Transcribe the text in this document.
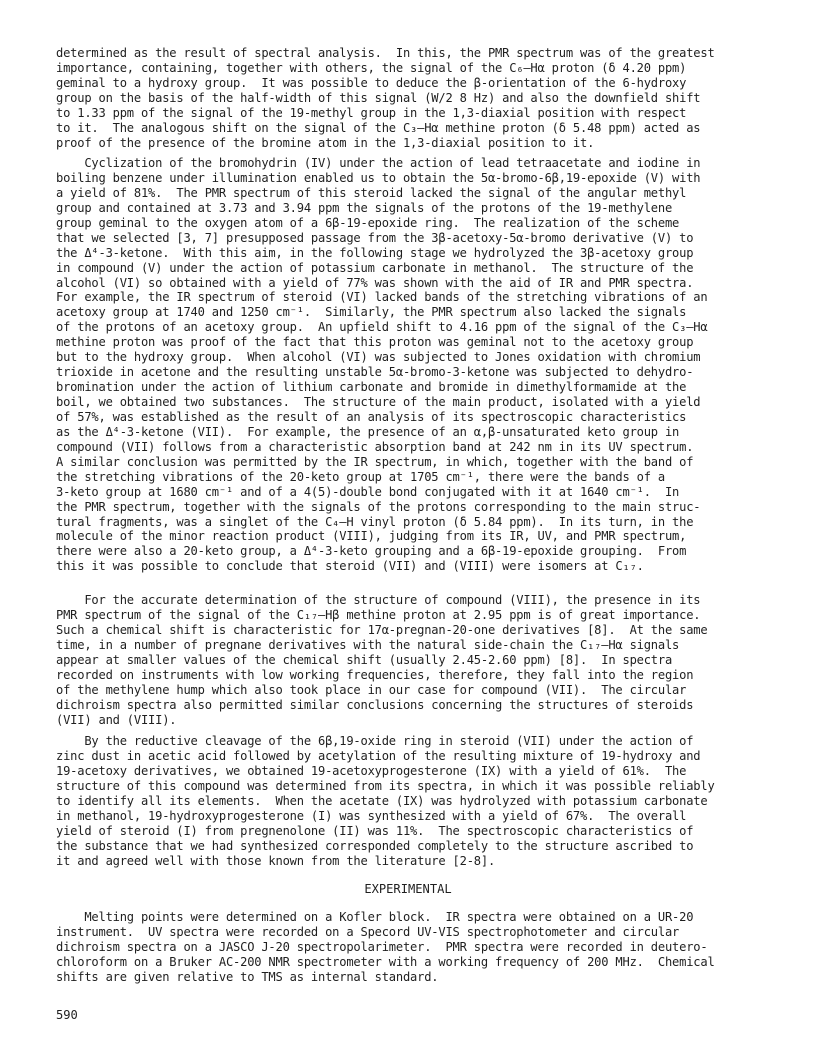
determined as the result of spectral analysis.  In this, the PMR spectrum was of the greatest
importance, containing, together with others, the signal of the C₆–Hα proton (δ 4.20 ppm)
geminal to a hydroxy group.  It was possible to deduce the β-orientation of the 6-hydroxy
group on the basis of the half-width of this signal (W/2 8 Hz) and also the downfield shift
to 1.33 ppm of the signal of the 19-methyl group in the 1,3-diaxial position with respect
to it.  The analogous shift on the signal of the C₃–Hα methine proton (δ 5.48 ppm) acted as
proof of the presence of the bromine atom in the 1,3-diaxial position to it.
Cyclization of the bromohydrin (IV) under the action of lead tetraacetate and iodine in
boiling benzene under illumination enabled us to obtain the 5α-bromo-6β,19-epoxide (V) with
a yield of 81%.  The PMR spectrum of this steroid lacked the signal of the angular methyl
group and contained at 3.73 and 3.94 ppm the signals of the protons of the 19-methylene
group geminal to the oxygen atom of a 6β-19-epoxide ring.  The realization of the scheme
that we selected [3, 7] presupposed passage from the 3β-acetoxy-5α-bromo derivative (V) to
the Δ⁴-3-ketone.  With this aim, in the following stage we hydrolyzed the 3β-acetoxy group
in compound (V) under the action of potassium carbonate in methanol.  The structure of the
alcohol (VI) so obtained with a yield of 77% was shown with the aid of IR and PMR spectra.
For example, the IR spectrum of steroid (VI) lacked bands of the stretching vibrations of an
acetoxy group at 1740 and 1250 cm⁻¹.  Similarly, the PMR spectrum also lacked the signals
of the protons of an acetoxy group.  An upfield shift to 4.16 ppm of the signal of the C₃–Hα
methine proton was proof of the fact that this proton was geminal not to the acetoxy group
but to the hydroxy group.  When alcohol (VI) was subjected to Jones oxidation with chromium
trioxide in acetone and the resulting unstable 5α-bromo-3-ketone was subjected to dehydro-
bromination under the action of lithium carbonate and bromide in dimethylformamide at the
boil, we obtained two substances.  The structure of the main product, isolated with a yield
of 57%, was established as the result of an analysis of its spectroscopic characteristics
as the Δ⁴-3-ketone (VII).  For example, the presence of an α,β-unsaturated keto group in
compound (VII) follows from a characteristic absorption band at 242 nm in its UV spectrum.
A similar conclusion was permitted by the IR spectrum, in which, together with the band of
the stretching vibrations of the 20-keto group at 1705 cm⁻¹, there were the bands of a
3-keto group at 1680 cm⁻¹ and of a 4(5)-double bond conjugated with it at 1640 cm⁻¹.  In
the PMR spectrum, together with the signals of the protons corresponding to the main struc-
tural fragments, was a singlet of the C₄–H vinyl proton (δ 5.84 ppm).  In its turn, in the
molecule of the minor reaction product (VIII), judging from its IR, UV, and PMR spectrum,
there were also a 20-keto group, a Δ⁴-3-keto grouping and a 6β-19-epoxide grouping.  From
this it was possible to conclude that steroid (VII) and (VIII) were isomers at C₁₇.
For the accurate determination of the structure of compound (VIII), the presence in its
PMR spectrum of the signal of the C₁₇–Hβ methine proton at 2.95 ppm is of great importance.
Such a chemical shift is characteristic for 17α-pregnan-20-one derivatives [8].  At the same
time, in a number of pregnane derivatives with the natural side-chain the C₁₇–Hα signals
appear at smaller values of the chemical shift (usually 2.45-2.60 ppm) [8].  In spectra
recorded on instruments with low working frequencies, therefore, they fall into the region
of the methylene hump which also took place in our case for compound (VII).  The circular
dichroism spectra also permitted similar conclusions concerning the structures of steroids
(VII) and (VIII).
By the reductive cleavage of the 6β,19-oxide ring in steroid (VII) under the action of
zinc dust in acetic acid followed by acetylation of the resulting mixture of 19-hydroxy and
19-acetoxy derivatives, we obtained 19-acetoxyprogesterone (IX) with a yield of 61%.  The
structure of this compound was determined from its spectra, in which it was possible reliably
to identify all its elements.  When the acetate (IX) was hydrolyzed with potassium carbonate
in methanol, 19-hydroxyprogesterone (I) was synthesized with a yield of 67%.  The overall
yield of steroid (I) from pregnenolone (II) was 11%.  The spectroscopic characteristics of
the substance that we had synthesized corresponded completely to the structure ascribed to
it and agreed well with those known from the literature [2-8].
EXPERIMENTAL
Melting points were determined on a Kofler block.  IR spectra were obtained on a UR-20
instrument.  UV spectra were recorded on a Specord UV-VIS spectrophotometer and circular
dichroism spectra on a JASCO J-20 spectropolarimeter.  PMR spectra were recorded in deutero-
chloroform on a Bruker AC-200 NMR spectrometer with a working frequency of 200 MHz.  Chemical
shifts are given relative to TMS as internal standard.
590
